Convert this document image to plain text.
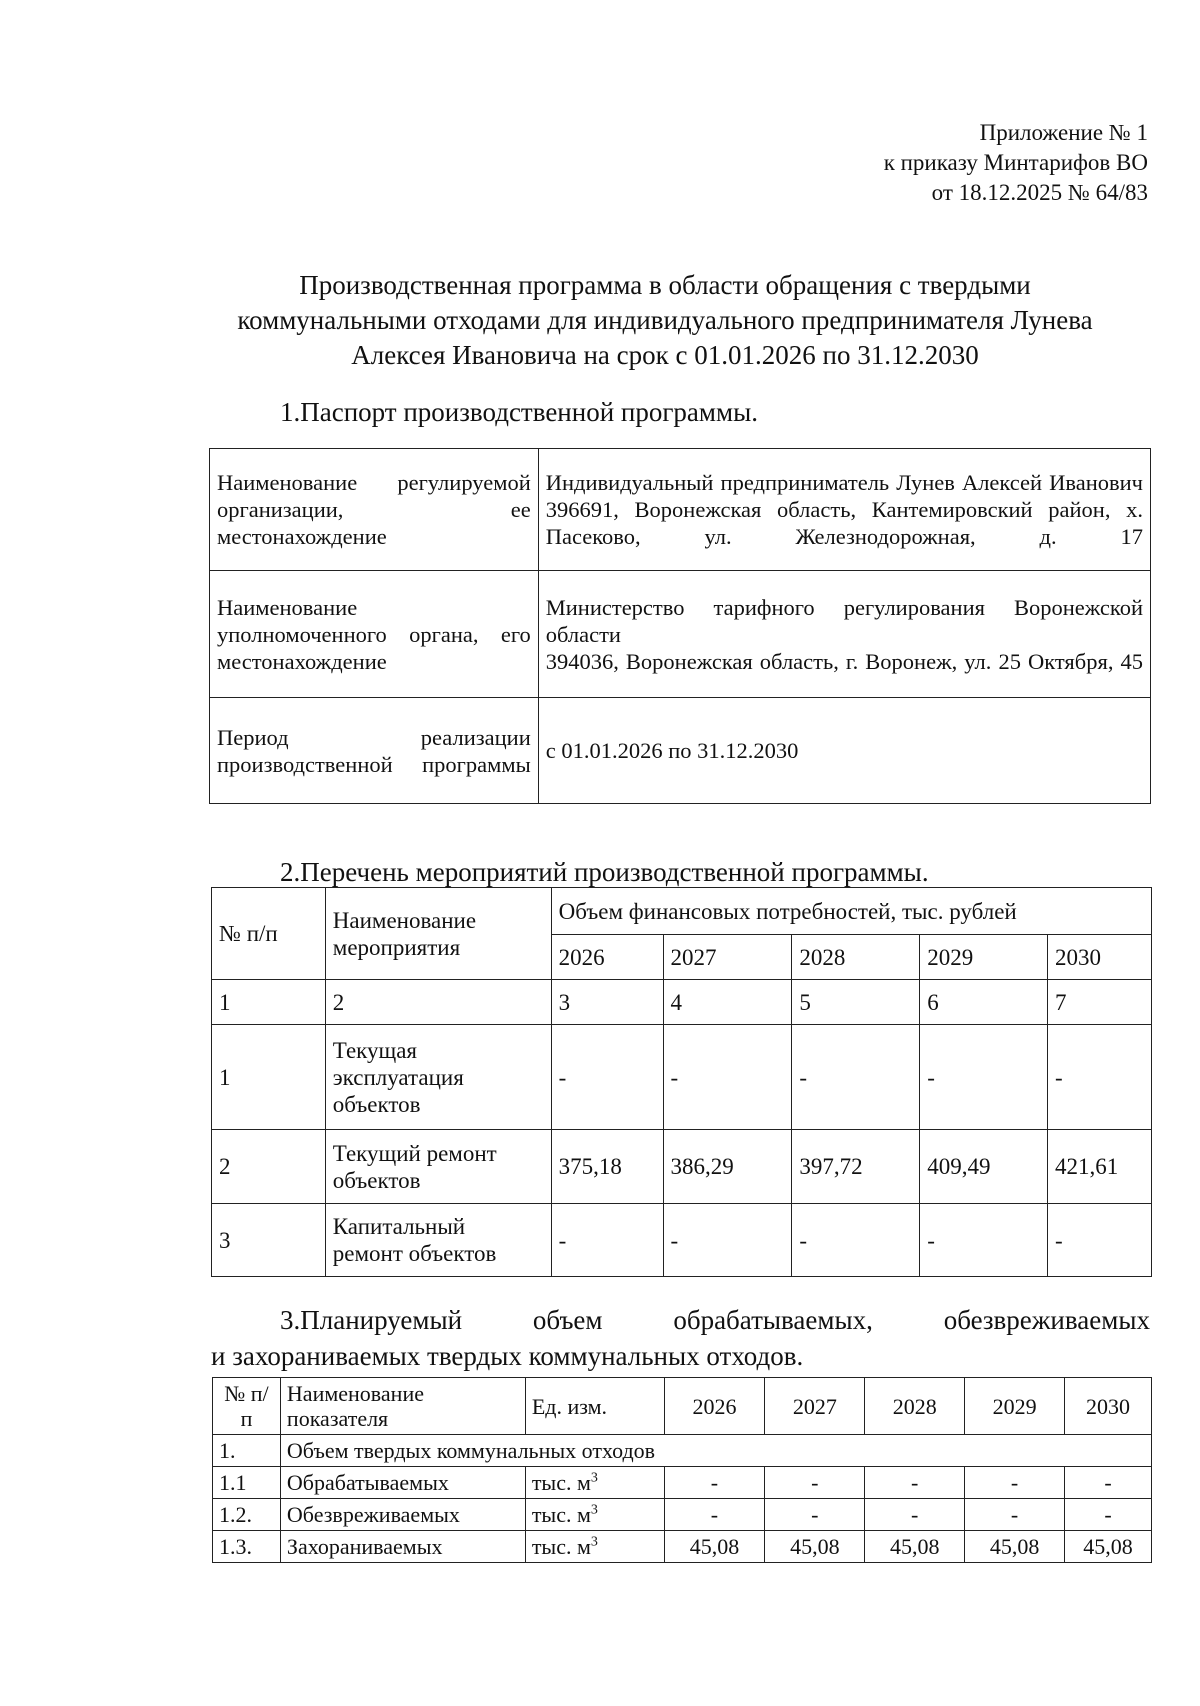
Приложение № 1
к приказу Минтарифов ВО
от 18.12.2025 № 64/83
Производственная программа в области обращения с твердыми
коммунальными отходами для индивидуального предпринимателя Лунева
Алексея Ивановича на срок с 01.01.2026 по 31.12.2030
1.Паспорт производственной программы.
Наименование регулируемой организации, ее местонахождение	Индивидуальный предприниматель Лунев Алексей Иванович
396691, Воронежская область, Кантемировский район, х. Пасеково, ул. Железнодорожная, д. 17

Наименование уполномоченного органа, его местонахождение	Министерство тарифного регулирования Воронежской области
394036, Воронежская область, г. Воронеж, ул. 25 Октября, 45

Период реализации производственной программы	с 01.01.2026 по 31.12.2030
2.Перечень мероприятий производственной программы.
№ п/п	Наименование мероприятия	Объем финансовых потребностей, тыс. рублей				
		2026	2027	2028	2029	2030
1	2	3	4	5	6	7
1	Текущая эксплуатация объектов	-	-	-	-	-
2	Текущий ремонт объектов	375,18	386,29	397,72	409,49	421,61
3	Капитальный ремонт объектов	-	-	-	-	-
3.Планируемый	объем	обрабатываемых,	обезвреживаемых
и захораниваемых твердых коммунальных отходов.
№ п/п	Наименование показателя	Ед. изм.	2026	2027	2028	2029	2030
1.	Объем твердых коммунальных отходов						
1.1	Обрабатываемых	тыс. $м^3$	-	-	-	-	-
1.2.	Обезвреживаемых	тыс. $м^3$	-	-	-	-	-
1.3.	Захораниваемых	тыс. $м^3$	45,08	45,08	45,08	45,08	45,08
